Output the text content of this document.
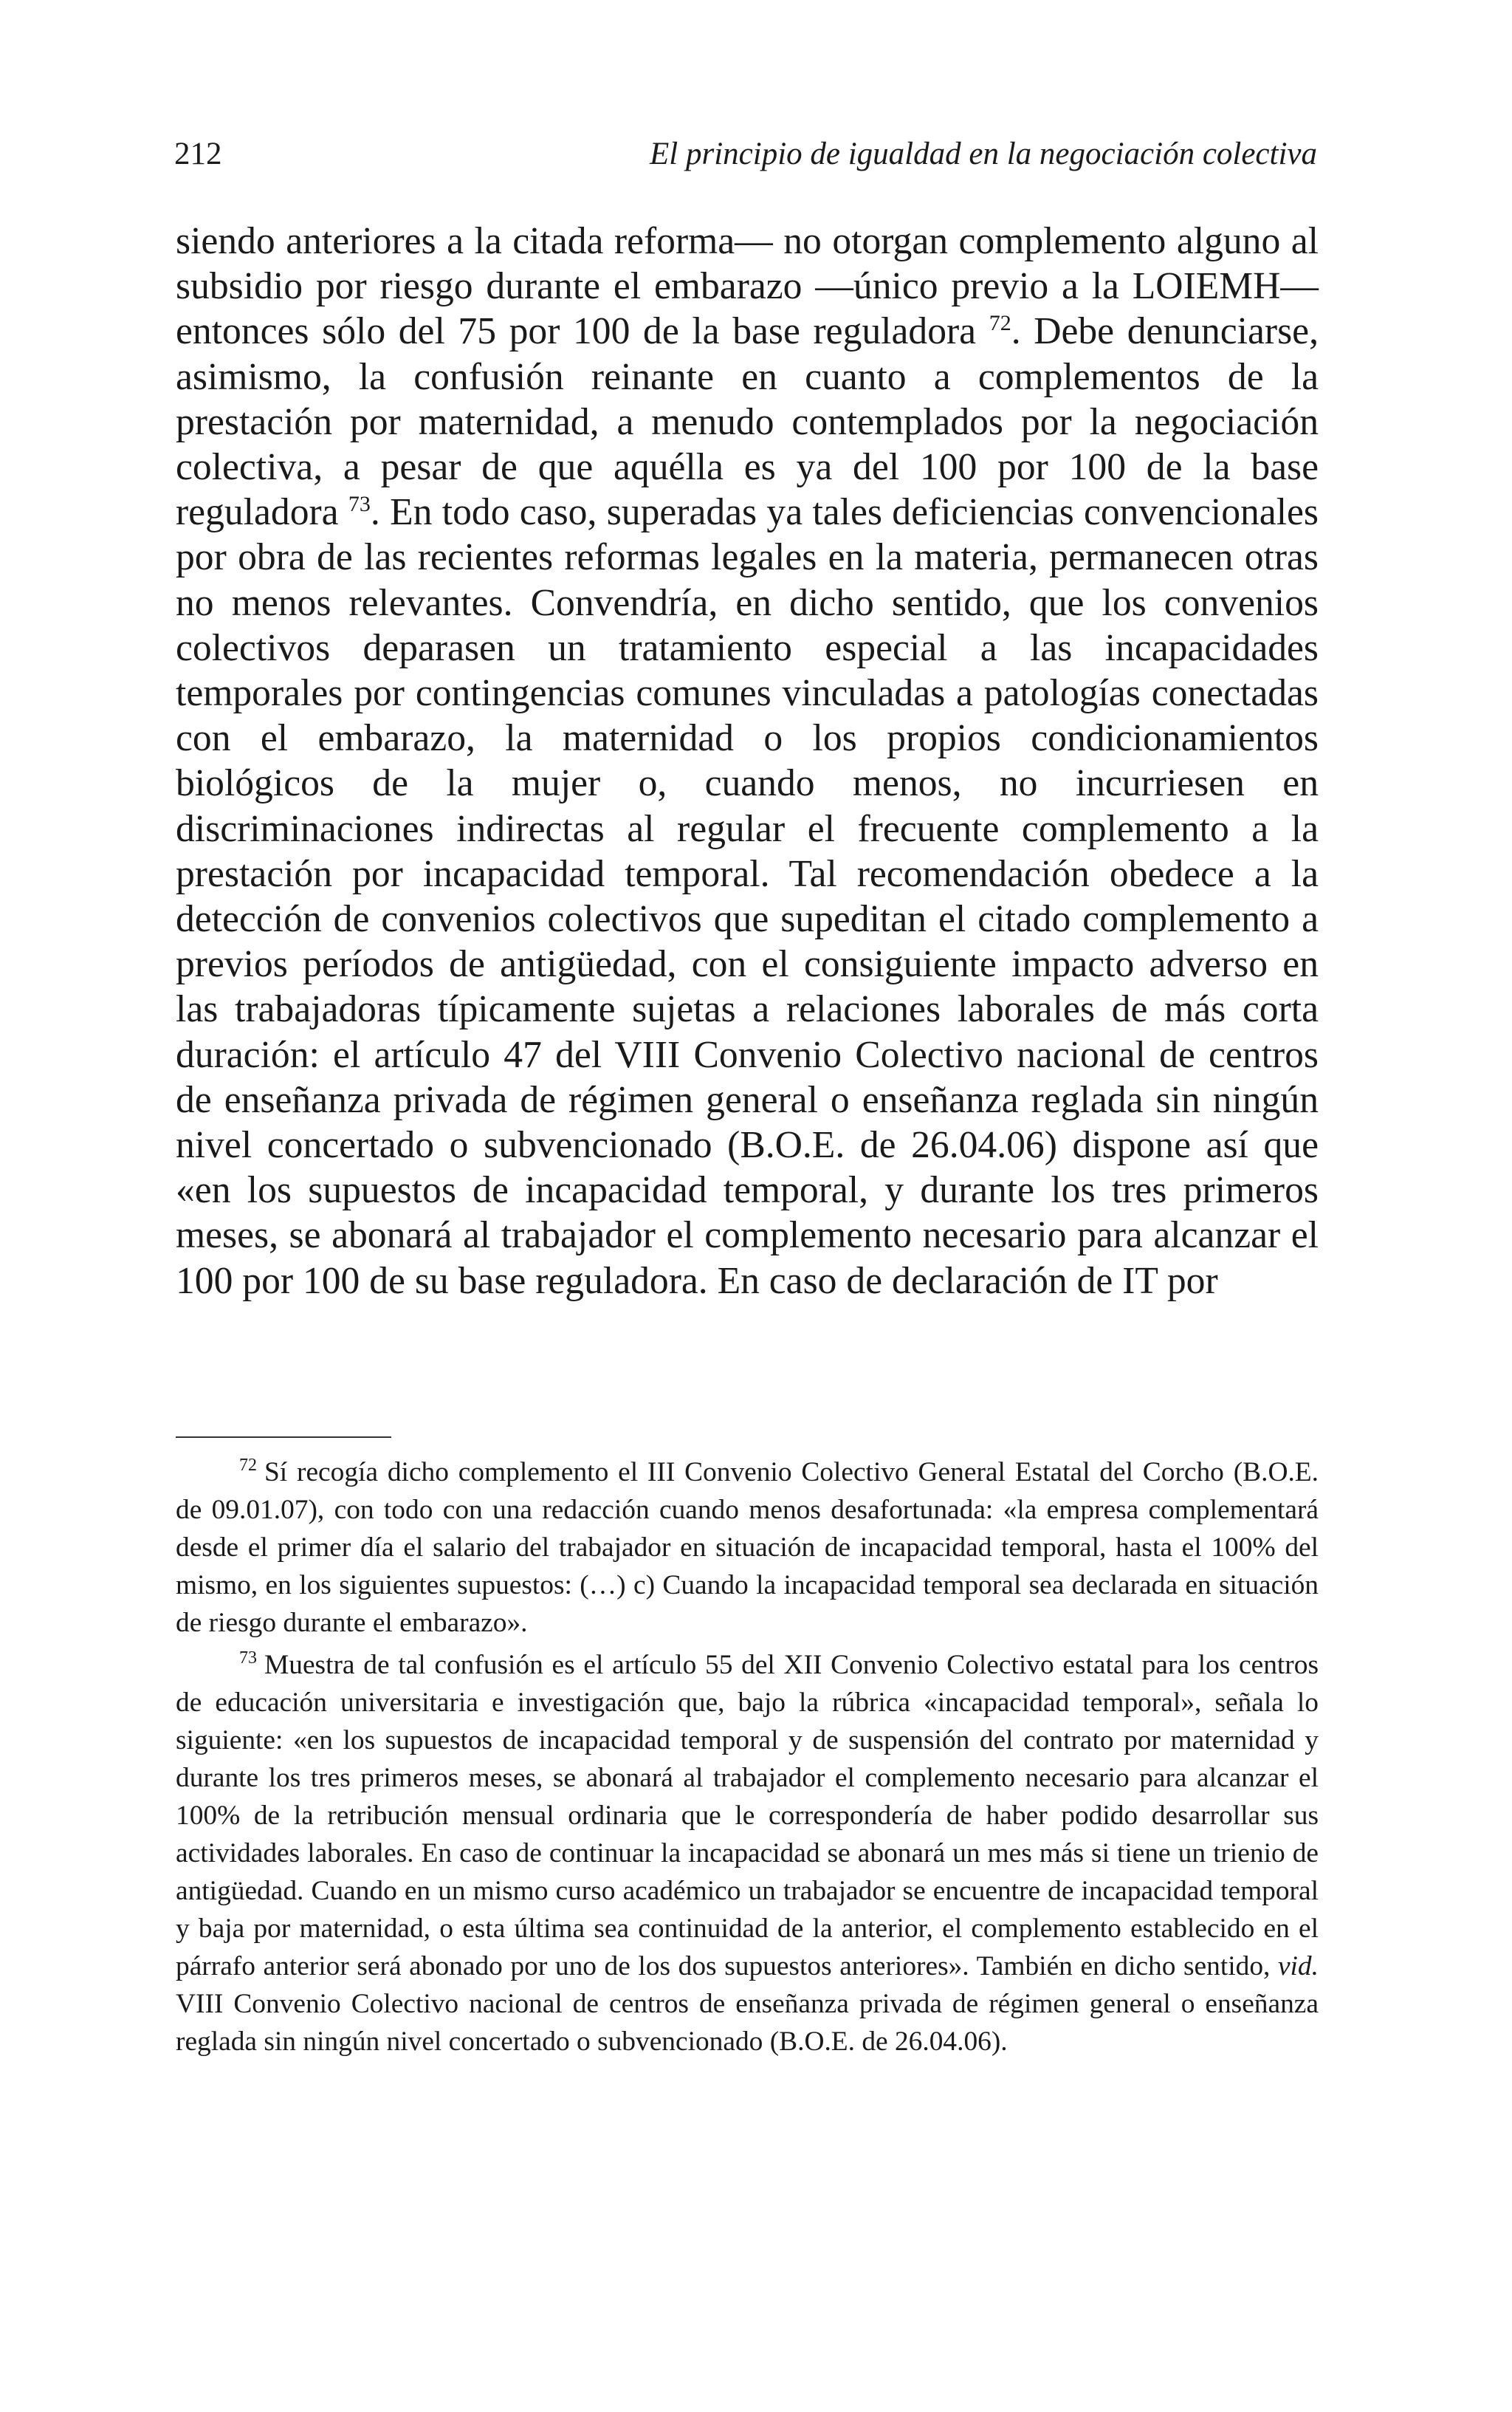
212	El principio de igualdad en la negociación colectiva

siendo anteriores a la citada reforma— no otorgan complemento alguno al subsidio por riesgo durante el embarazo —único previo a la LOIEMH— entonces sólo del 75 por 100 de la base reguladora $^{72}$. Debe denunciarse, asimismo, la confusión reinante en cuanto a complementos de la prestación por maternidad, a menudo contemplados por la negociación colectiva, a pesar de que aquélla es ya del 100 por 100 de la base reguladora $^{73}$. En todo caso, superadas ya tales deficiencias convencionales por obra de las recientes reformas legales en la materia, permanecen otras no menos relevantes. Convendría, en dicho sentido, que los convenios colectivos deparasen un tratamiento especial a las incapacidades temporales por contingencias comunes vinculadas a patologías conectadas con el embarazo, la maternidad o los propios condicionamientos biológicos de la mujer o, cuando menos, no incurriesen en discriminaciones indirectas al regular el frecuente complemento a la prestación por incapacidad temporal. Tal recomendación obedece a la detección de convenios colectivos que supeditan el citado complemento a previos períodos de antigüedad, con el consiguiente impacto adverso en las trabajadoras típicamente sujetas a relaciones laborales de más corta duración: el artículo 47 del VIII Convenio Colectivo nacional de centros de enseñanza privada de régimen general o enseñanza reglada sin ningún nivel concertado o subvencionado (B.O.E. de 26.04.06) dispone así que «en los supuestos de incapacidad temporal, y durante los tres primeros meses, se abonará al trabajador el complemento necesario para alcanzar el 100 por 100 de su base reguladora. En caso de declaración de IT por

$^{72}$ Sí recogía dicho complemento el III Convenio Colectivo General Estatal del Corcho (B.O.E. de 09.01.07), con todo con una redacción cuando menos desafortunada: «la empresa complementará desde el primer día el salario del trabajador en situación de incapacidad temporal, hasta el 100% del mismo, en los siguientes supuestos: (…) c) Cuando la incapacidad temporal sea declarada en situación de riesgo durante el embarazo».

$^{73}$ Muestra de tal confusión es el artículo 55 del XII Convenio Colectivo estatal para los centros de educación universitaria e investigación que, bajo la rúbrica «incapacidad temporal», señala lo siguiente: «en los supuestos de incapacidad temporal y de suspensión del contrato por maternidad y durante los tres primeros meses, se abonará al trabajador el complemento necesario para alcanzar el 100% de la retribución mensual ordinaria que le correspondería de haber podido desarrollar sus actividades laborales. En caso de continuar la incapacidad se abonará un mes más si tiene un trienio de antigüedad. Cuando en un mismo curso académico un trabajador se encuentre de incapacidad temporal y baja por maternidad, o esta última sea continuidad de la anterior, el complemento establecido en el párrafo anterior será abonado por uno de los dos supuestos anteriores». También en dicho sentido, vid. VIII Convenio Colectivo nacional de centros de enseñanza privada de régimen general o enseñanza reglada sin ningún nivel concertado o subvencionado (B.O.E. de 26.04.06).
